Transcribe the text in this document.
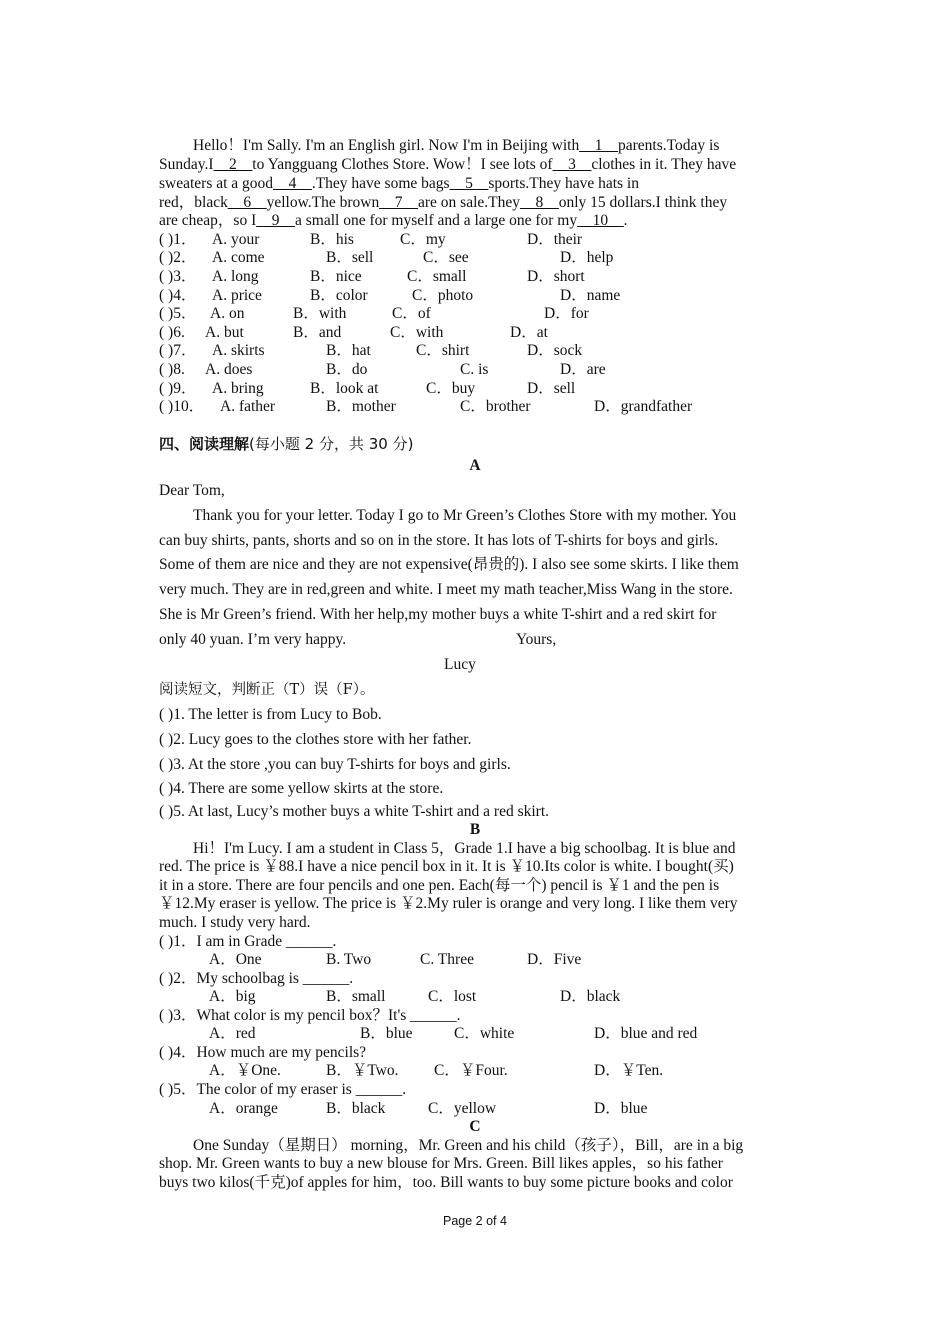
Hello！I'm Sally. I'm an English girl. Now I'm in Beijing with__1__parents.Today is
Sunday.I__2__to Yangguang Clothes Store. Wow！I see lots of__3__clothes in it. They have
sweaters at a good__4__.They have some bags__5__sports.They have hats in
red，black__6__yellow.The brown__7__are on sale.They__8__only 15 dollars.I think they
are cheap，so I__9__a small one for myself and a large one for my__10__.
( )1． A. your	B．his	C．my	D．their
( )2． A. come	B．sell	C．see	D．help
( )3． A. long	B．nice	C．small	D．short
( )4． A. price	B．color	C．photo	D．name
( )5． A. on	B．with	C．of	D．for
( )6. A. but	B．and	C．with	D．at
( )7． A. skirts	B．hat	C．shirt	D．sock
( )8. A. does	B．do	C. is	D．are
( )9． A. bring	B．look at	C．buy	D．sell
( )10． A. father	B．mother	C．brother	D．grandfather
四、阅读理解(每小题 2 分，共 30 分)
A
Dear Tom,
Thank you for your letter. Today I go to Mr Green’s Clothes Store with my mother. You
can buy shirts, pants, shorts and so on in the store. It has lots of T-shirts for boys and girls.
Some of them are nice and they are not expensive(昂贵的). I also see some skirts. I like them
very much. They are in red,green and white. I meet my math teacher,Miss Wang in the store.
She is Mr Green’s friend. With her help,my mother buys a white T-shirt and a red skirt for
only 40 yuan. I’m very happy.	Yours,
Lucy
阅读短文，判断正（T）误（F）。
( )1. The letter is from Lucy to Bob.
( )2. Lucy goes to the clothes store with her father.
( )3. At the store ,you can buy T-shirts for boys and girls.
( )4. There are some yellow skirts at the store.
( )5. At last, Lucy’s mother buys a white T-shirt and a red skirt.
B
Hi！I'm Lucy. I am a student in Class 5，Grade 1.I have a big schoolbag. It is blue and
red. The price is ￥88.I have a nice pencil box in it. It is ￥10.Its color is white. I bought(买)
it in a store. There are four pencils and one pen. Each(每一个) pencil is ￥1 and the pen is
￥12.My eraser is yellow. The price is ￥2.My ruler is orange and very long. I like them very
much. I study very hard.
( )1．I am in Grade ______.
A．One	B. Two	C. Three	D．Five
( )2．My schoolbag is ______.
A．big	B．small	C．lost	D．black
( )3．What color is my pencil box？It's ______.
A．red	B．blue	C．white	D．blue and red
( )4．How much are my pencils?
A．￥One.	B．￥Two. C．￥Four.	D．￥Ten.
( )5．The color of my eraser is ______.
A．orange	B．black	C．yellow	D．blue
C
One Sunday（星期日） morning，Mr. Green and his child（孩子），Bill，are in a big
shop. Mr. Green wants to buy a new blouse for Mrs. Green. Bill likes apples，so his father
buys two kilos(千克)of apples for him，too. Bill wants to buy some picture books and color
Page 2 of 4
